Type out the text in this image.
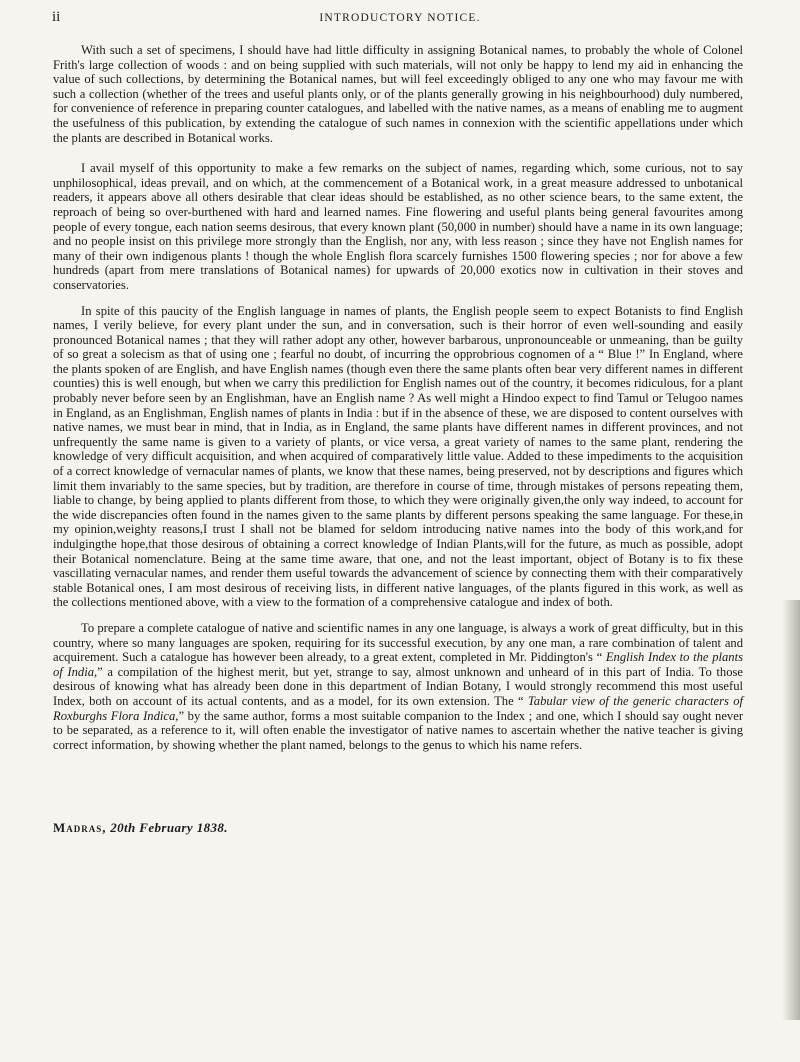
ii	INTRODUCTORY NOTICE.

With such a set of specimens, I should have had little difficulty in assigning Botanical names, to probably the whole of Colonel Frith's large collection of woods : and on being supplied with such materials, will not only be happy to lend my aid in enhancing the value of such collections, by determining the Botanical names, but will feel exceedingly obliged to any one who may favour me with such a collection (whether of the trees and useful plants only, or of the plants generally growing in his neighbourhood) duly numbered, for convenience of reference in preparing counter catalogues, and labelled with the native names, as a means of enabling me to augment the usefulness of this publication, by extending the catalogue of such names in connexion with the scientific appellations under which the plants are described in Botanical works.

I avail myself of this opportunity to make a few remarks on the subject of names, regarding which, some curious, not to say unphilosophical, ideas prevail, and on which, at the commencement of a Botanical work, in a great measure addressed to unbotanical readers, it appears above all others desirable that clear ideas should be established, as no other science bears, to the same extent, the reproach of being so over-burthened with hard and learned names. Fine flowering and useful plants being general favourites among people of every tongue, each nation seems desirous, that every known plant (50,000 in number) should have a name in its own language; and no people insist on this privilege more strongly than the English, nor any, with less reason ; since they have not English names for many of their own indigenous plants ! though the whole English flora scarcely furnishes 1500 flowering species ; nor for above a few hundreds (apart from mere translations of Botanical names) for upwards of 20,000 exotics now in cultivation in their stoves and conservatories.

In spite of this paucity of the English language in names of plants, the English people seem to expect Botanists to find English names, I verily believe, for every plant under the sun, and in conversation, such is their horror of even well-sounding and easily pronounced Botanical names ; that they will rather adopt any other, however barbarous, unpronounceable or unmeaning, than be guilty of so great a solecism as that of using one ; fearful no doubt, of incurring the opprobrious cognomen of a “ Blue !” In England, where the plants spoken of are English, and have English names (though even there the same plants often bear very different names in different counties) this is well enough, but when we carry this prediliction for English names out of the country, it becomes ridiculous, for a plant probably never before seen by an Englishman, have an English name ? As well might a Hindoo expect to find Tamul or Telugoo names in England, as an Englishman, English names of plants in India : but if in the absence of these, we are disposed to content ourselves with native names, we must bear in mind, that in India, as in England, the same plants have different names in different provinces, and not unfrequently the same name is given to a variety of plants, or vice versa, a great variety of names to the same plant, rendering the knowledge of very difficult acquisition, and when acquired of comparatively little value. Added to these impediments to the acquisition of a correct knowledge of vernacular names of plants, we know that these names, being preserved, not by descriptions and figures which limit them invariably to the same species, but by tradition, are therefore in course of time, through mistakes of persons repeating them, liable to change, by being applied to plants different from those, to which they were originally given,the only way indeed, to account for the wide discrepancies often found in the names given to the same plants by different persons speaking the same language. For these,in my opinion,weighty reasons,I trust I shall not be blamed for seldom introducing native names into the body of this work,and for indulgingthe hope,that those desirous of obtaining a correct knowledge of Indian Plants,will for the future, as much as possible, adopt their Botanical nomenclature. Being at the same time aware, that one, and not the least important, object of Botany is to fix these vascillating vernacular names, and render them useful towards the advancement of science by connecting them with their comparatively stable Botanical ones, I am most desirous of receiving lists, in different native languages, of the plants figured in this work, as well as the collections mentioned above, with a view to the formation of a comprehensive catalogue and index of both.

To prepare a complete catalogue of native and scientific names in any one language, is always a work of great difficulty, but in this country, where so many languages are spoken, requiring for its successful execution, by any one man, a rare combination of talent and acquirement. Such a catalogue has however been already, to a great extent, completed in Mr. Piddington's “ English Index to the plants of India,” a compilation of the highest merit, but yet, strange to say, almost unknown and unheard of in this part of India. To those desirous of knowing what has already been done in this department of Indian Botany, I would strongly recommend this most useful Index, both on account of its actual contents, and as a model, for its own extension. The “ Tabular view of the generic characters of Roxburghs Flora Indica,” by the same author, forms a most suitable companion to the Index ; and one, which I should say ought never to be separated, as a reference to it, will often enable the investigator of native names to ascertain whether the native teacher is giving correct information, by showing whether the plant named, belongs to the genus to which his name refers.

Madras, 20th February 1838.
